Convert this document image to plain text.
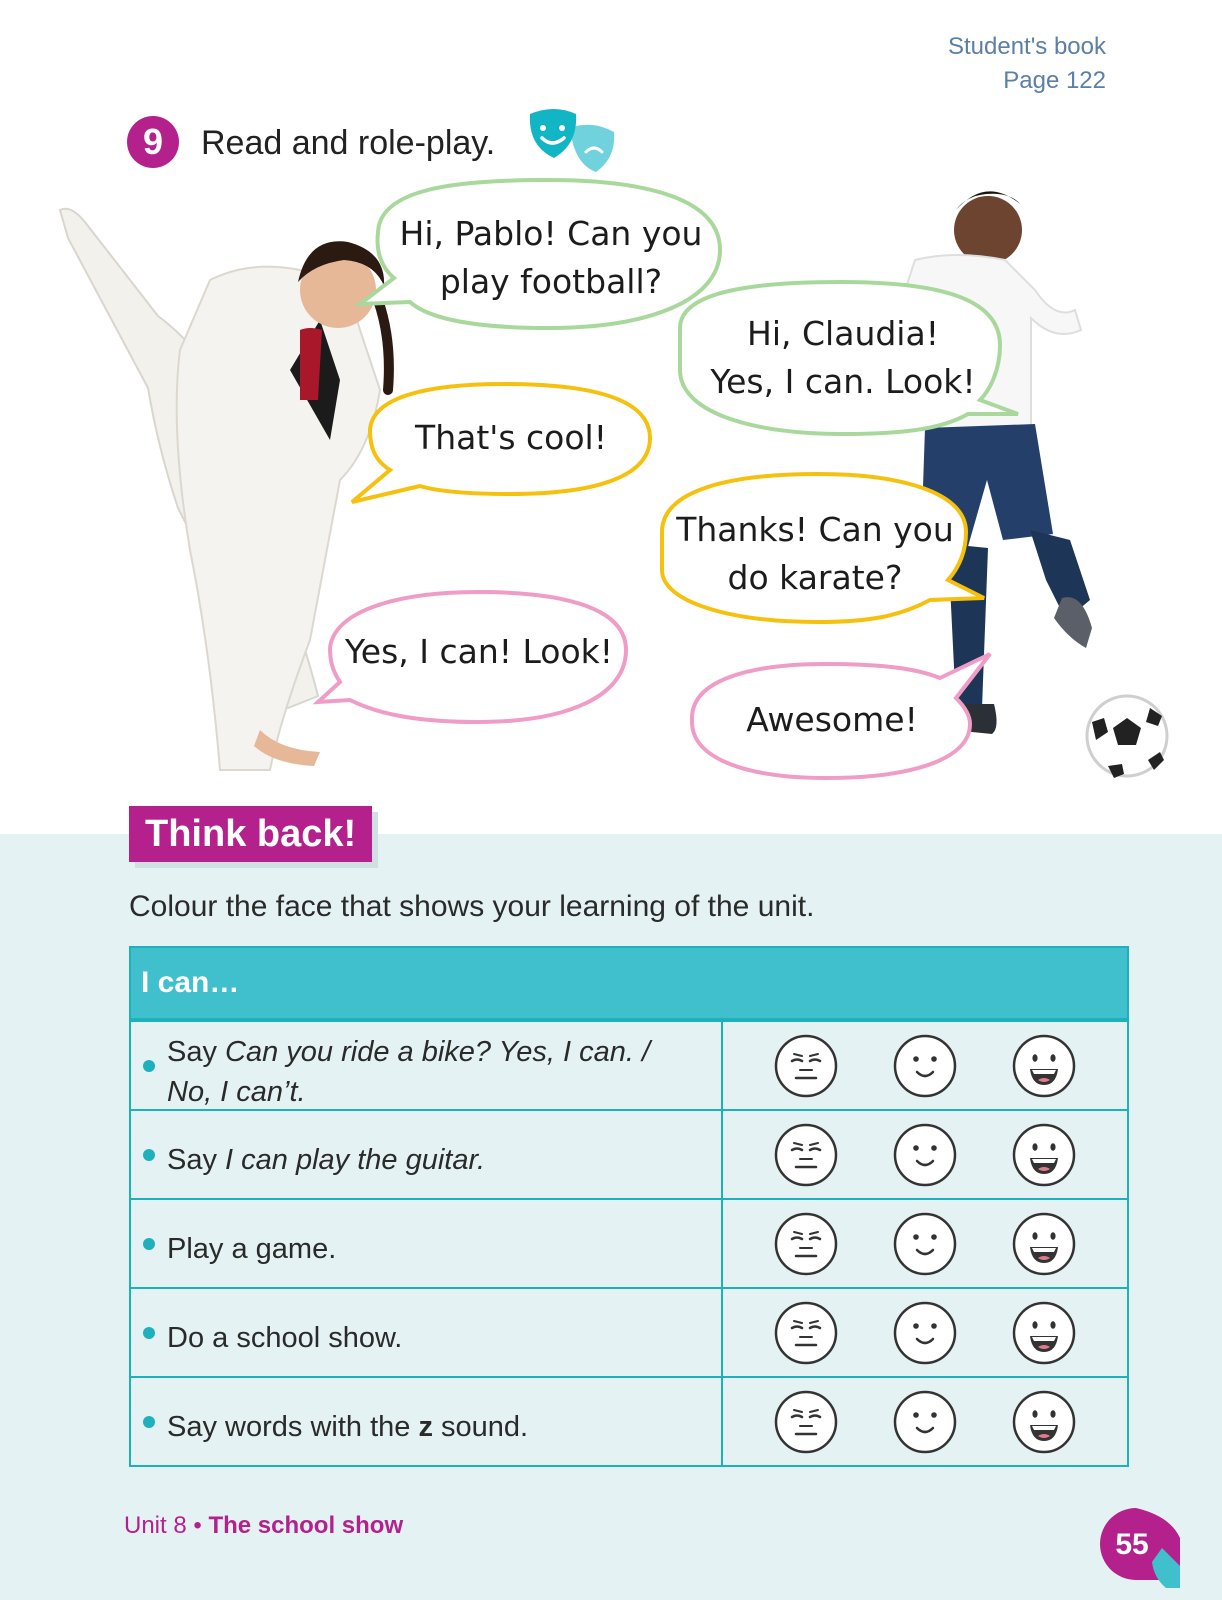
Student's book
Page 122
9	Read and role-play.
Hi, Pablo! Can you
play football?
Hi, Claudia!
Yes, I can. Look!
That's cool!
Thanks! Can you
do karate?
Yes, I can! Look!
Awesome!
Think back!
Colour the face that shows your learning of the unit.
I can…
Say Can you ride a bike? Yes, I can. /
No, I can’t.
Say I can play the guitar.
Play a game.
Do a school show.
Say words with the z sound.
Unit 8 • The school show
55
